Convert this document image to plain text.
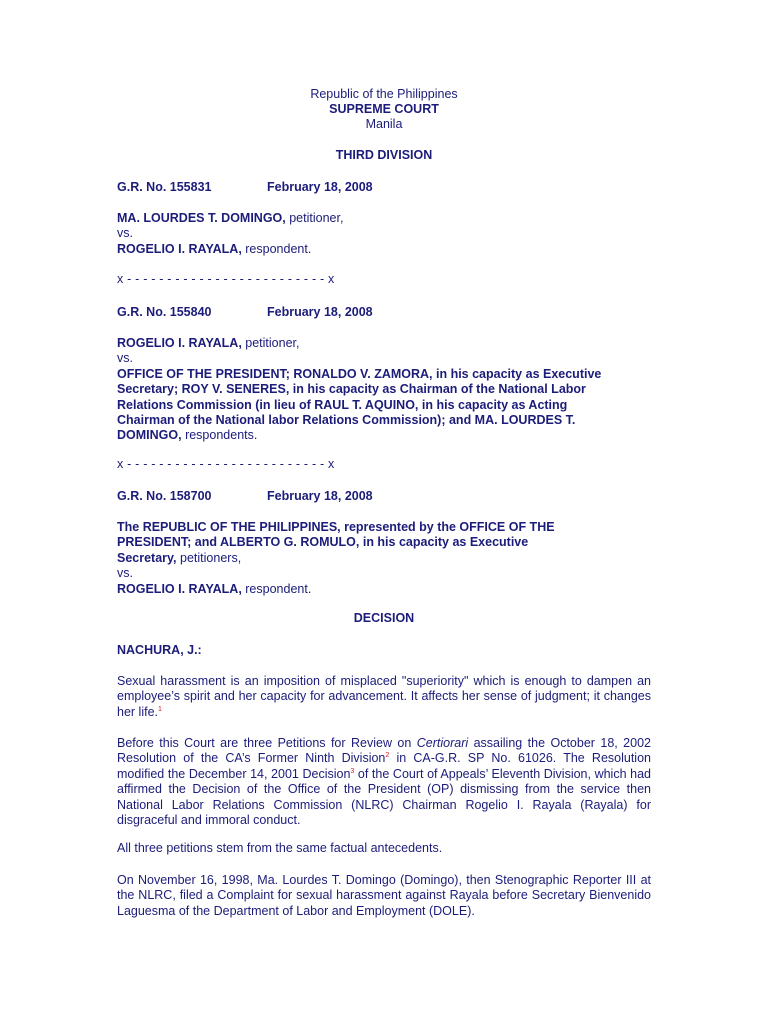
Republic of the Philippines

SUPREME COURT

Manila

THIRD DIVISION

G.R. No. 155831	February 18, 2008

MA. LOURDES T. DOMINGO, petitioner,
vs.
ROGELIO I. RAYALA, respondent.

x - - - - - - - - - - - - - - - - - - - - - - - - - x

G.R. No. 155840	February 18, 2008

ROGELIO I. RAYALA, petitioner,
vs.
OFFICE OF THE PRESIDENT; RONALDO V. ZAMORA, in his capacity as Executive
Secretary; ROY V. SENERES, in his capacity as Chairman of the National Labor
Relations Commission (in lieu of RAUL T. AQUINO, in his capacity as Acting
Chairman of the National labor Relations Commission); and MA. LOURDES T.
DOMINGO, respondents.

x - - - - - - - - - - - - - - - - - - - - - - - - - x

G.R. No. 158700	February 18, 2008

The REPUBLIC OF THE PHILIPPINES, represented by the OFFICE OF THE
PRESIDENT; and ALBERTO G. ROMULO, in his capacity as Executive
Secretary, petitioners,
vs.
ROGELIO I. RAYALA, respondent.

DECISION

NACHURA, J.:

Sexual harassment is an imposition of misplaced "superiority" which is enough to dampen an employee’s spirit and her capacity for advancement. It affects her sense of judgment; it changes her life.$^1$

Before this Court are three Petitions for Review on Certiorari assailing the October 18, 2002 Resolution of the CA’s Former Ninth Division$^2$ in CA-G.R. SP No. 61026. The Resolution modified the December 14, 2001 Decision$^3$ of the Court of Appeals’ Eleventh Division, which had affirmed the Decision of the Office of the President (OP) dismissing from the service then National Labor Relations Commission (NLRC) Chairman Rogelio I. Rayala (Rayala) for disgraceful and immoral conduct.

All three petitions stem from the same factual antecedents.

On November 16, 1998, Ma. Lourdes T. Domingo (Domingo), then Stenographic Reporter III at the NLRC, filed a Complaint for sexual harassment against Rayala before Secretary Bienvenido Laguesma of the Department of Labor and Employment (DOLE).
